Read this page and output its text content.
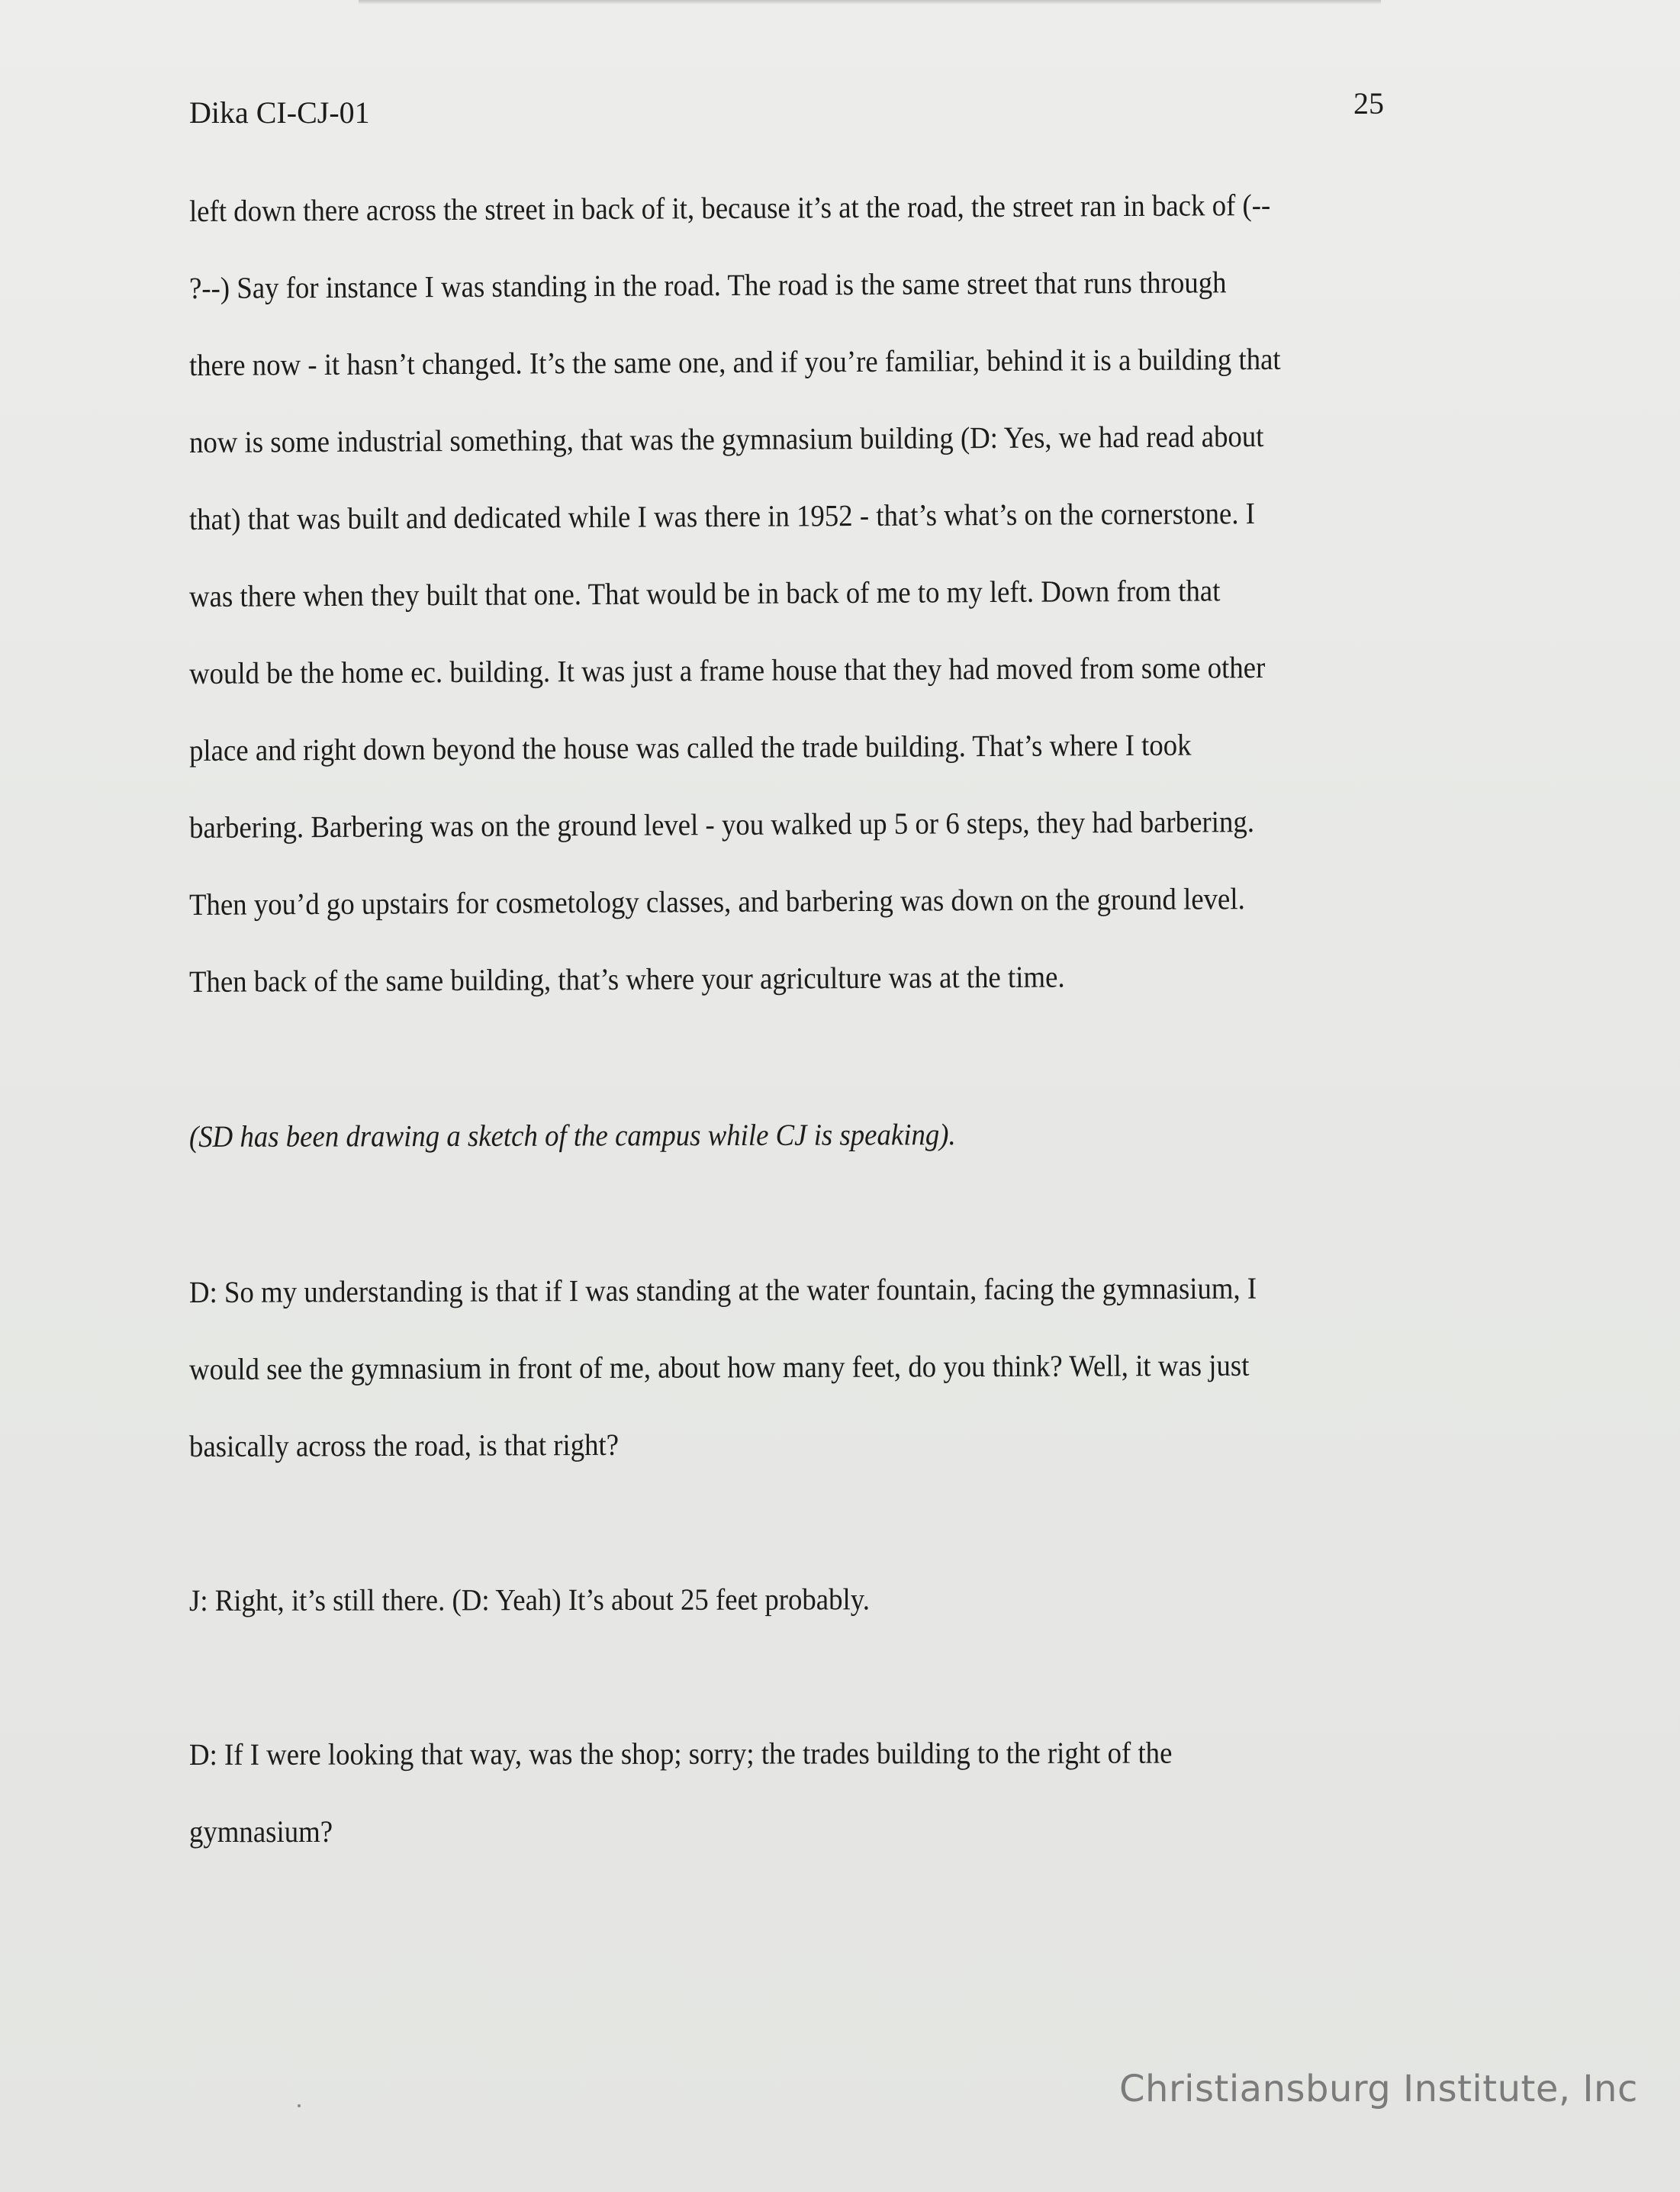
Dika CI-CJ-01	25
left down there across the street in back of it, because it’s at the road, the street ran in back of (--
?--) Say for instance I was standing in the road. The road is the same street that runs through
there now - it hasn’t changed. It’s the same one, and if you’re familiar, behind it is a building that
now is some industrial something, that was the gymnasium building (D: Yes, we had read about
that) that was built and dedicated while I was there in 1952 - that’s what’s on the cornerstone. I
was there when they built that one. That would be in back of me to my left. Down from that
would be the home ec. building. It was just a frame house that they had moved from some other
place and right down beyond the house was called the trade building. That’s where I took
barbering. Barbering was on the ground level - you walked up 5 or 6 steps, they had barbering.
Then you’d go upstairs for cosmetology classes, and barbering was down on the ground level.
Then back of the same building, that’s where your agriculture was at the time.
(SD has been drawing a sketch of the campus while CJ is speaking).
D: So my understanding is that if I was standing at the water fountain, facing the gymnasium, I
would see the gymnasium in front of me, about how many feet, do you think? Well, it was just
basically across the road, is that right?
J: Right, it’s still there. (D: Yeah) It’s about 25 feet probably.
D: If I were looking that way, was the shop; sorry; the trades building to the right of the
gymnasium?
Christiansburg Institute, Inc
